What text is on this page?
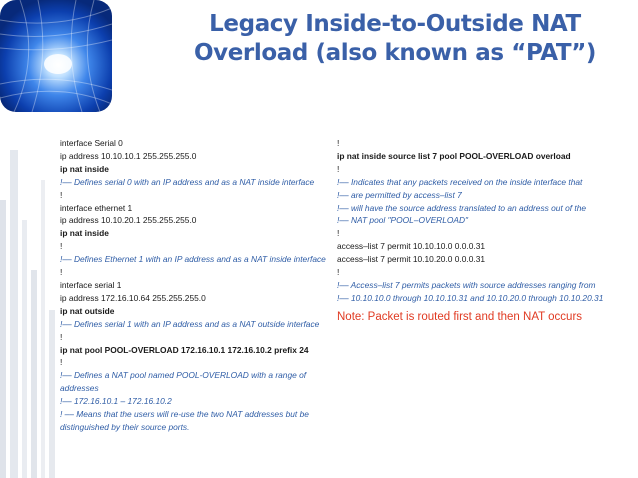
Legacy Inside-to-Outside NAT
Overload (also known as “PAT”)
interface Serial 0
ip address 10.10.10.1 255.255.255.0
ip nat inside
!–– Defines serial 0 with an IP address and as a NAT inside interface
!
interface ethernet 1
ip address 10.10.20.1 255.255.255.0
ip nat inside
!
!–– Defines Ethernet 1 with an IP address and as a NAT inside interface
!
interface serial 1
ip address 172.16.10.64 255.255.255.0
ip nat outside
!–– Defines serial 1 with an IP address and as a NAT outside interface
!
ip nat pool POOL-OVERLOAD 172.16.10.1 172.16.10.2 prefix 24
!
!–– Defines a NAT pool named POOL-OVERLOAD with a range of addresses
!–– 172.16.10.1 – 172.16.10.2
! –– Means that the users will re-use the two NAT addresses but be distinguished by their source ports.
!
ip nat inside source list 7 pool POOL-OVERLOAD overload
!
!–– Indicates that any packets received on the inside interface that
!–– are permitted by access–list 7
!–– will have the source address translated to an address out of the
!–– NAT pool "POOL–OVERLOAD"
!
access–list 7 permit 10.10.10.0 0.0.0.31
access–list 7 permit 10.10.20.0 0.0.0.31
!
!–– Access–list 7 permits packets with source addresses ranging from
!–– 10.10.10.0 through 10.10.10.31 and 10.10.20.0 through 10.10.20.31
Note: Packet is routed first and then NAT occurs
